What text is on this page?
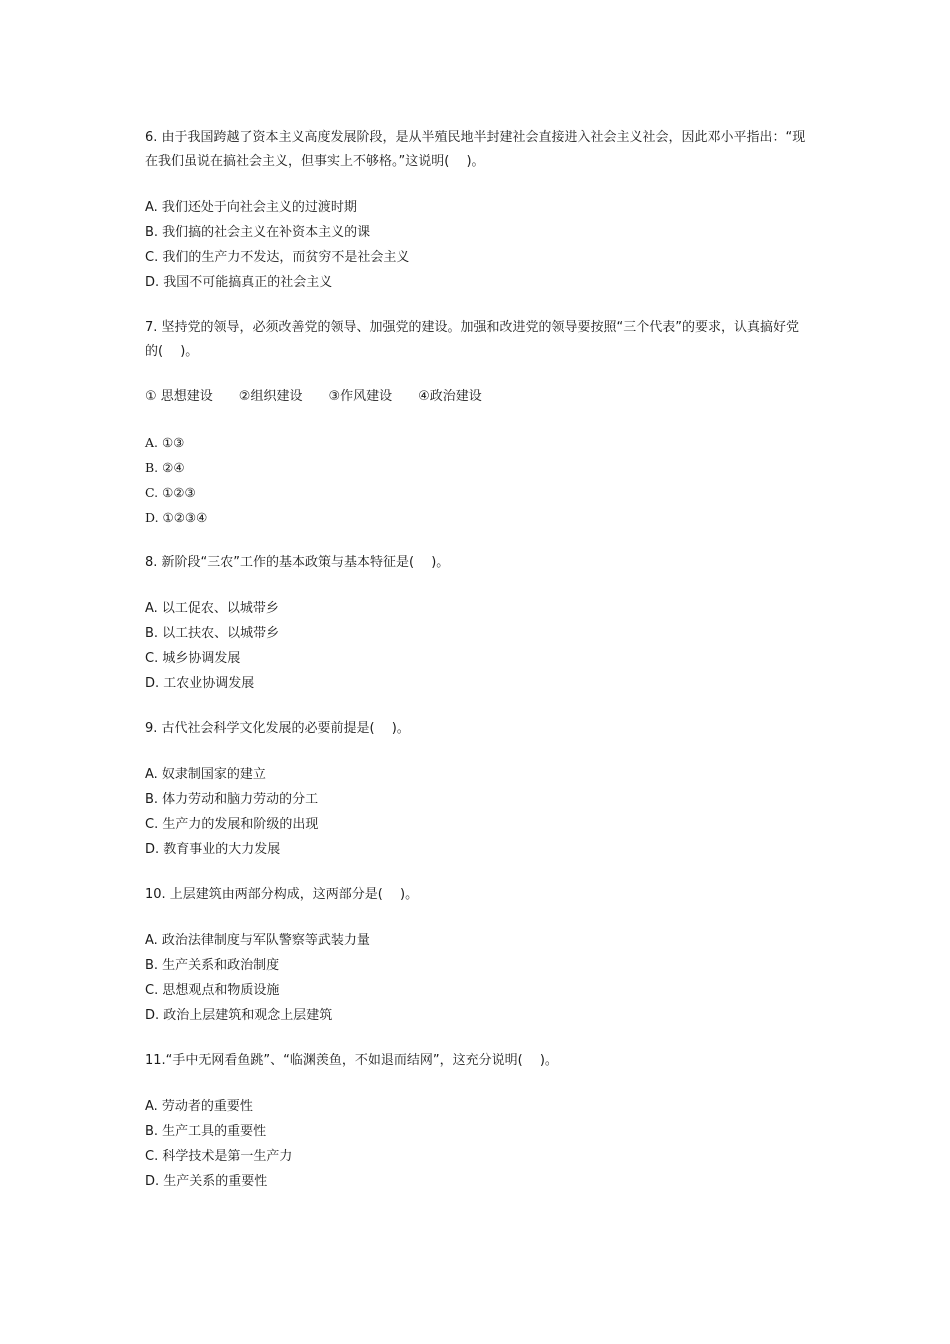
6. 由于我国跨越了资本主义高度发展阶段，是从半殖民地半封建社会直接进入社会主义社会，因此邓小平指出：“现在我们虽说在搞社会主义，但事实上不够格。”这说明(　 )。

A. 我们还处于向社会主义的过渡时期
B. 我们搞的社会主义在补资本主义的课
C. 我们的生产力不发达，而贫穷不是社会主义
D. 我国不可能搞真正的社会主义

7. 坚持党的领导，必须改善党的领导、加强党的建设。加强和改进党的领导要按照“三个代表”的要求，认真搞好党的(　 )。

① 思想建设　　②组织建设　　③作风建设　　④政治建设
A. ①③
B. ②④
C. ①②③
D. ①②③④

8. 新阶段“三农”工作的基本政策与基本特征是(　 )。

A. 以工促农、以城带乡
B. 以工扶农、以城带乡
C. 城乡协调发展
D. 工农业协调发展

9. 古代社会科学文化发展的必要前提是(　 )。

A. 奴隶制国家的建立
B. 体力劳动和脑力劳动的分工
C. 生产力的发展和阶级的出现
D. 教育事业的大力发展

10. 上层建筑由两部分构成，这两部分是(　 )。

A. 政治法律制度与军队警察等武装力量
B. 生产关系和政治制度
C. 思想观点和物质设施
D. 政治上层建筑和观念上层建筑

11.“手中无网看鱼跳”、“临渊羡鱼，不如退而结网”，这充分说明(　 )。

A. 劳动者的重要性
B. 生产工具的重要性
C. 科学技术是第一生产力
D. 生产关系的重要性
